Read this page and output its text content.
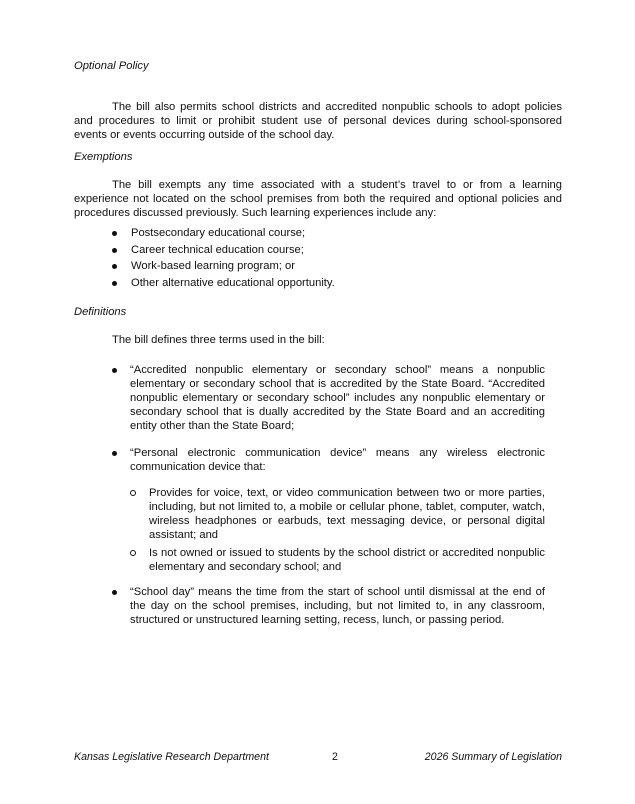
Optional Policy
The bill also permits school districts and accredited nonpublic schools to adopt policies and procedures to limit or prohibit student use of personal devices during school-sponsored events or events occurring outside of the school day.
Exemptions
The bill exempts any time associated with a student’s travel to or from a learning experience not located on the school premises from both the required and optional policies and procedures discussed previously. Such learning experiences include any:
Postsecondary educational course;
Career technical education course;
Work-based learning program; or
Other alternative educational opportunity.
Definitions
The bill defines three terms used in the bill:
“Accredited nonpublic elementary or secondary school” means a nonpublic elementary or secondary school that is accredited by the State Board. “Accredited nonpublic elementary or secondary school” includes any nonpublic elementary or secondary school that is dually accredited by the State Board and an accrediting entity other than the State Board;
“Personal electronic communication device” means any wireless electronic communication device that:
Provides for voice, text, or video communication between two or more parties, including, but not limited to, a mobile or cellular phone, tablet, computer, watch, wireless headphones or earbuds, text messaging device, or personal digital assistant; and
Is not owned or issued to students by the school district or accredited nonpublic elementary and secondary school; and
“School day” means the time from the start of school until dismissal at the end of the day on the school premises, including, but not limited to, in any classroom, structured or unstructured learning setting, recess, lunch, or passing period.
Kansas Legislative Research Department	2	2026 Summary of Legislation
